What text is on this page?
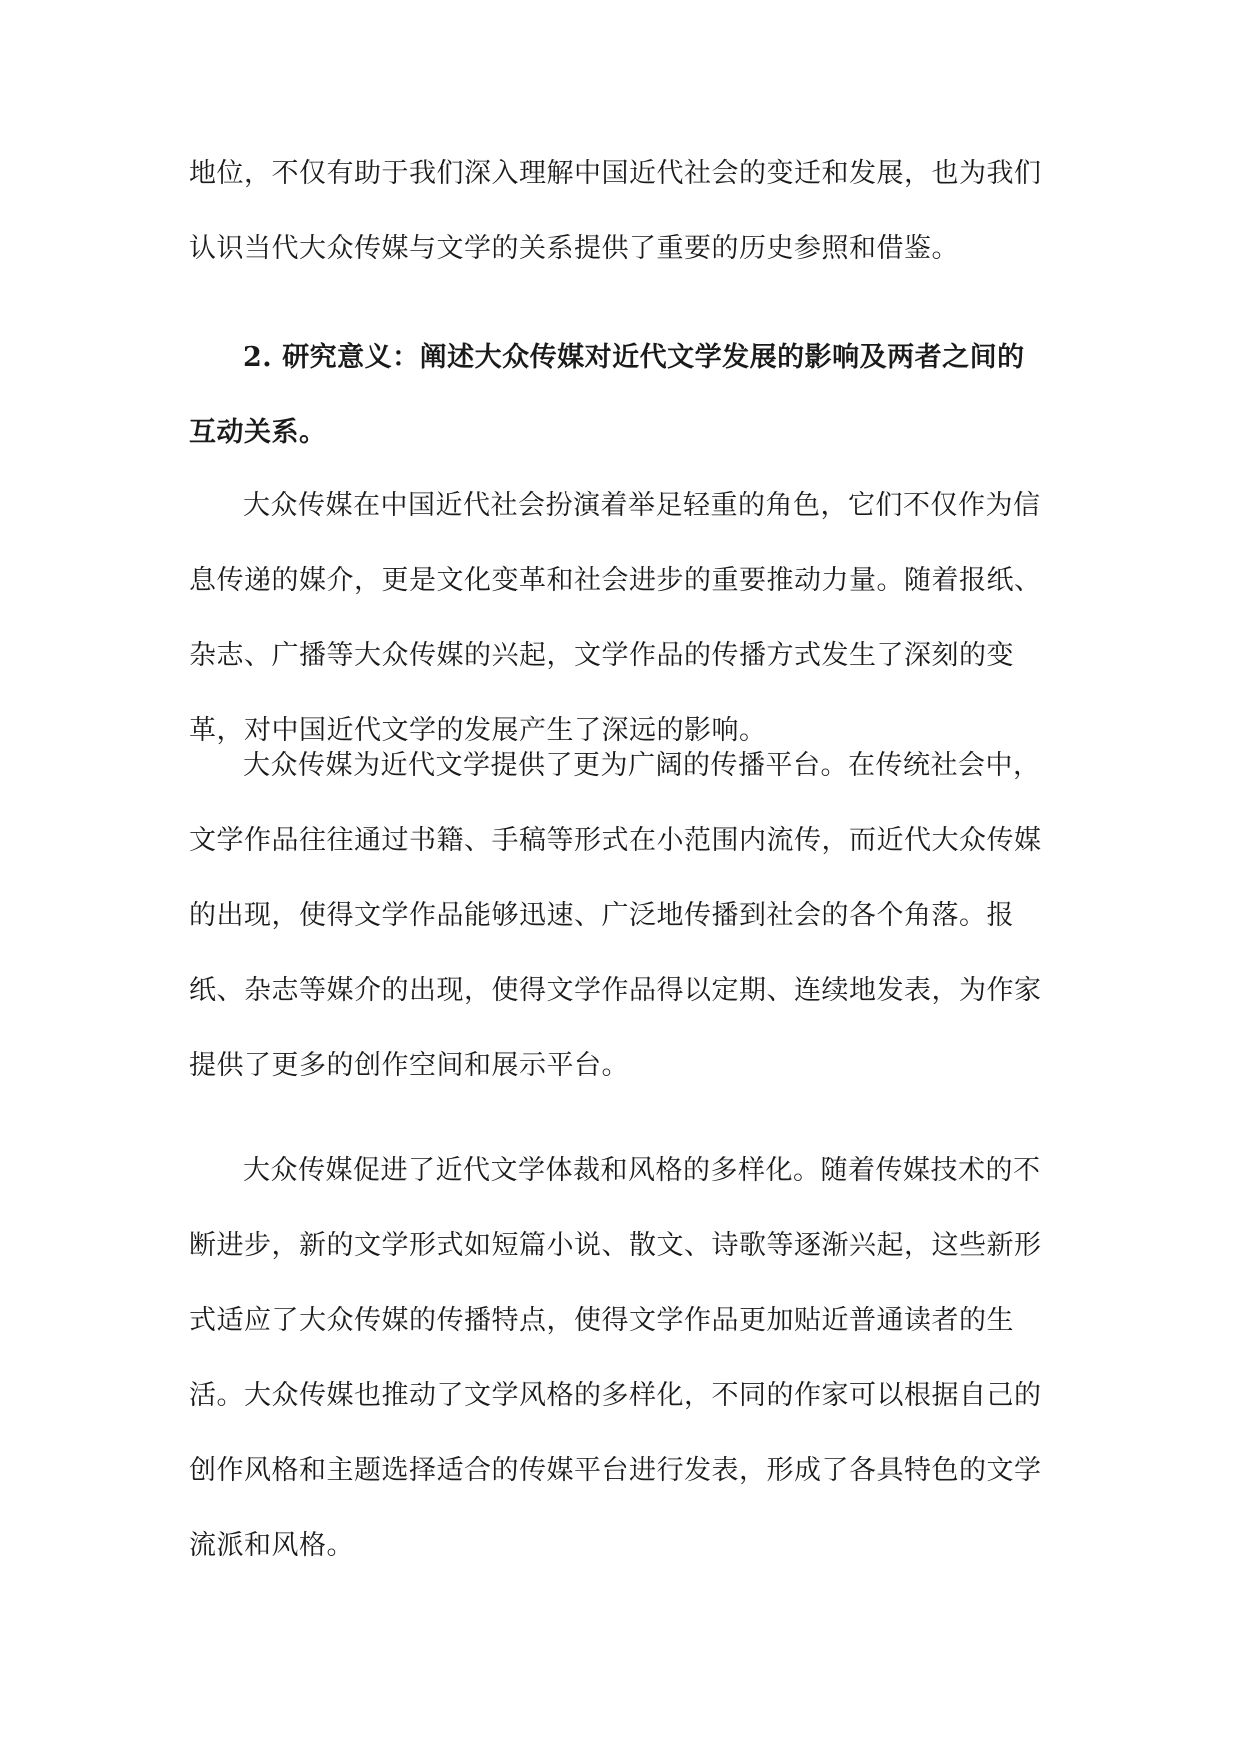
地位，不仅有助于我们深入理解中国近代社会的变迁和发展，也为我们认识当代大众传媒与文学的关系提供了重要的历史参照和借鉴。

2. 研究意义：阐述大众传媒对近代文学发展的影响及两者之间的互动关系。

大众传媒在中国近代社会扮演着举足轻重的角色，它们不仅作为信息传递的媒介，更是文化变革和社会进步的重要推动力量。随着报纸、杂志、广播等大众传媒的兴起，文学作品的传播方式发生了深刻的变革，对中国近代文学的发展产生了深远的影响。

大众传媒为近代文学提供了更为广阔的传播平台。在传统社会中，文学作品往往通过书籍、手稿等形式在小范围内流传，而近代大众传媒的出现，使得文学作品能够迅速、广泛地传播到社会的各个角落。报纸、杂志等媒介的出现，使得文学作品得以定期、连续地发表，为作家提供了更多的创作空间和展示平台。

大众传媒促进了近代文学体裁和风格的多样化。随着传媒技术的不断进步，新的文学形式如短篇小说、散文、诗歌等逐渐兴起，这些新形式适应了大众传媒的传播特点，使得文学作品更加贴近普通读者的生活。大众传媒也推动了文学风格的多样化，不同的作家可以根据自己的创作风格和主题选择适合的传媒平台进行发表，形成了各具特色的文学流派和风格。
